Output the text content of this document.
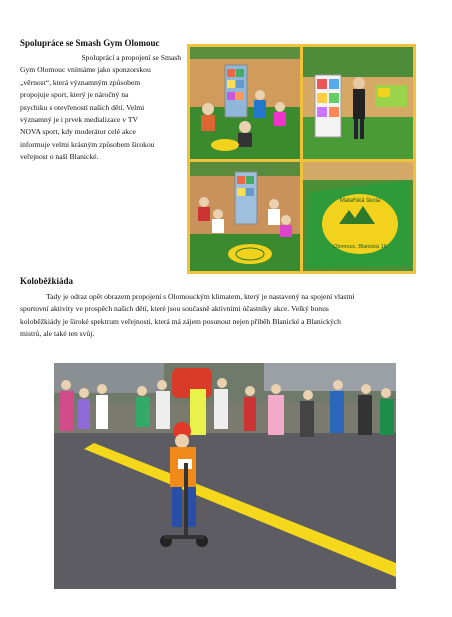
Spolupráce se Smash Gym Olomouc
Spoluprácí a propojení se Smash
Gym Olomouc vnímáme jako sponzorskou
„věrnost“, která významným způsobem
propojuje sport, který je náročný na
psychiku s otevřeností našich dětí. Velmi
významný je i prvek medializace v TV
NOVA sport, kdy moderátor celé akce
informuje velmi krásným způsobem širokou
veřejnost o naší Blanické.
Mateřská škola
Olomouc, Blanická 16
Koloběžkiáda
Tady je odraz opět obrazem propojení s Olomouckým klimatem, který je nastavený na spojení vlastní
sportovní aktivity ve prospěch našich dětí, které jsou současně aktivními účastníky akce. Velký bonus
koloběžkiády je široké spektrum veřejnosti, která má zájem posunout nejen příběh Blanické a Blanických
mistrů, ale také ten svůj.
